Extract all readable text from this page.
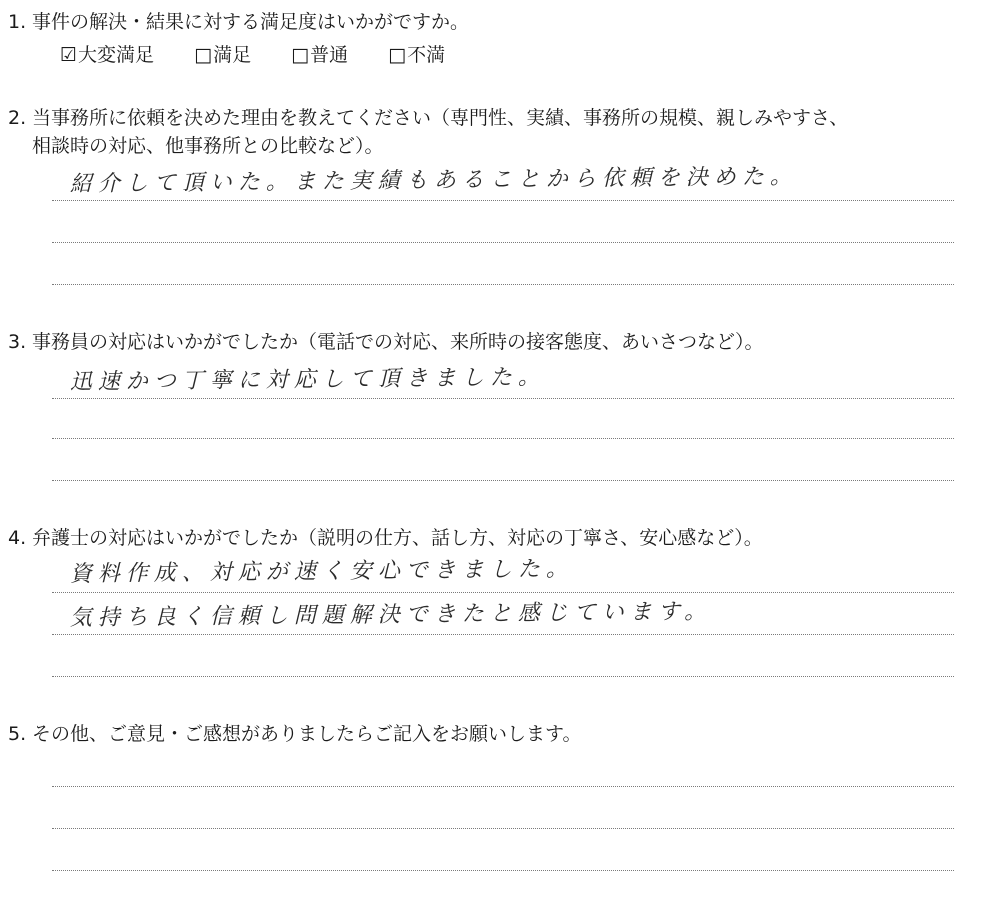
1. 事件の解決・結果に対する満足度はいかがですか。
☑大変満足 □満足 □普通 □不満
2. 当事務所に依頼を決めた理由を教えてください（専門性、実績、事務所の規模、親しみやすさ、
相談時の対応、他事務所との比較など）。
紹介して頂いた。また実績もあることから依頼を決めた。
3. 事務員の対応はいかがでしたか（電話での対応、来所時の接客態度、あいさつなど）。
迅速かつ丁寧に対応して頂きました。
4. 弁護士の対応はいかがでしたか（説明の仕方、話し方、対応の丁寧さ、安心感など）。
資料作成、対応が速く安心できました。
気持ち良く信頼し問題解決できたと感じています。
5. その他、ご意見・ご感想がありましたらご記入をお願いします。
